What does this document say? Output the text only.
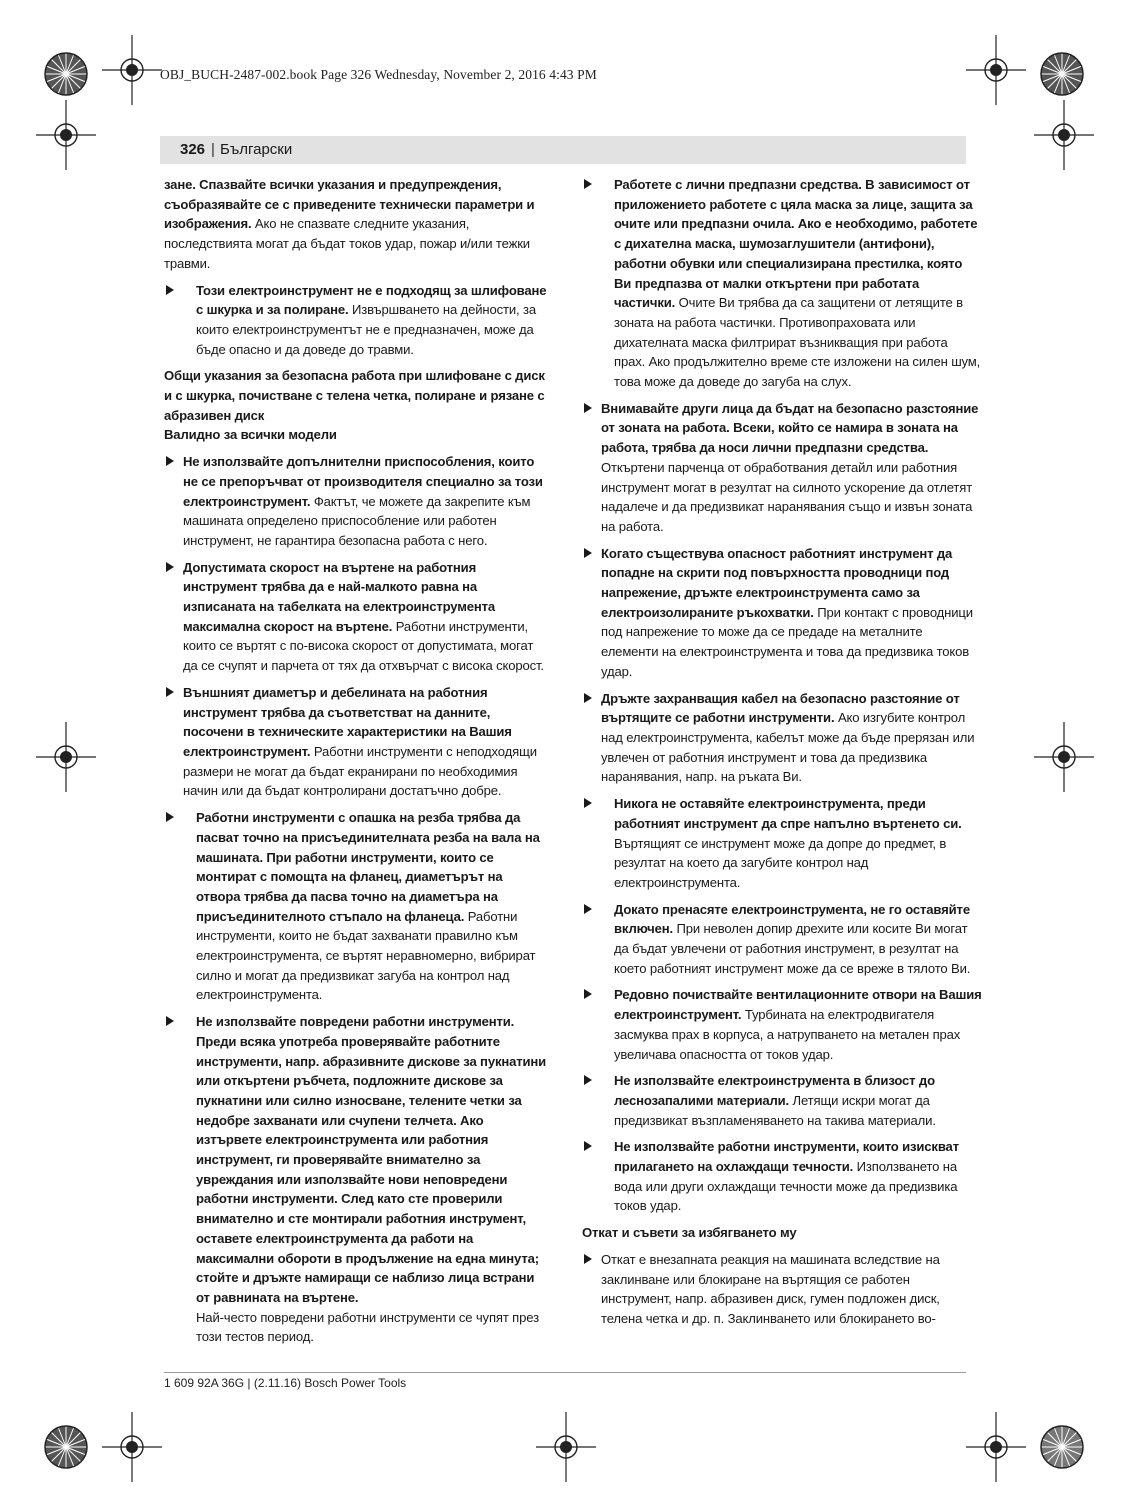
OBJ_BUCH-2487-002.book Page 326 Wednesday, November 2, 2016 4:43 PM
326 | Български

зане. Спазвайте всички указания и предупреждения, съобразявайте се с приведените технически параметри и изображения. Ако не спазвате следните указания, последствията могат да бъдат токов удар, пожар и/или тежки травми.

Този електроинструмент не е подходящ за шлифоване с шкурка и за полиране. Извършването на дейности, за които електроинструментът не е предназначен, може да бъде опасно и да доведе до травми.
Общи указания за безопасна работа при шлифоване с диск и с шкурка, почистване с телена четка, полиране и рязане с абразивен диск
Валидно за всички модели
Не използвайте допълнителни приспособления, които не се препоръчват от производителя специално за този електроинструмент. Фактът, че можете да закрепите към машината определено приспособление или работен инструмент, не гарантира безопасна работа с него.
Допустимата скорост на въртене на работния инструмент трябва да е най-малкото равна на изписаната на табелката на електроинструмента максимална скорост на въртене. Работни инструменти, които се въртят с по-висока скорост от допустимата, могат да се счупят и парчета от тях да отхвърчат с висока скорост.
Външният диаметър и дебелината на работния инструмент трябва да съответстват на данните, посочени в техническите характеристики на Вашия електроинструмент. Работни инструменти с неподходящи размери не могат да бъдат екранирани по необходимия начин или да бъдат контролирани достатъчно добре.
Работни инструменти с опашка на резба трябва да пасват точно на присъединителната резба на вала на машината. При работни инструменти, които се монтират с помощта на фланец, диаметърът на отвора трябва да пасва точно на диаметъра на присъединителното стъпало на фланеца. Работни инструменти, които не бъдат захванати правилно към електроинструмента, се въртят неравномерно, вибрират силно и могат да предизвикат загуба на контрол над електроинструмента.
Не използвайте повредени работни инструменти. Преди всяка употреба проверявайте работните инструменти, напр. абразивните дискове за пукнатини или откъртени ръбчета, подложните дискове за пукнатини или силно износване, телените четки за недобре захванати или счупени телчета. Ако изтървете електроинструмента или работния инструмент, ги проверявайте внимателно за увреждания или използвайте нови неповредени работни инструменти. След като сте проверили внимателно и сте монтирали работния инструмент, оставете електроинструмента да работи на максимални обороти в продължение на една минута; стойте и дръжте намиращи се наблизо лица встрани от равнината на въртене.

Най-често повредени работни инструменти се чупят през този тестов период.

Работете с лични предпазни средства. В зависимост от приложението работете с цяла маска за лице, защита за очите или предпазни очила. Ако е необходимо, работете с дихателна маска, шумозаглушители (антифони), работни обувки или специализирана престилка, която Ви предпазва от малки откъртени при работата частички. Очите Ви трябва да са защитени от летящите в зоната на работа частички. Противопраховата или дихателната маска филтрират възникващия при работа прах. Ако продължително време сте изложени на силен шум, това може да доведе до загуба на слух.
Внимавайте други лица да бъдат на безопасно разстояние от зоната на работа. Всеки, който се намира в зоната на работа, трябва да носи лични предпазни средства. Откъртени парченца от обработвания детайл или работния инструмент могат в резултат на силното ускорение да отлетят надалече и да предизвикат наранявания също и извън зоната на работа.
Когато съществува опасност работният инструмент да попадне на скрити под повърхността проводници под напрежение, дръжте електроинструмента само за електроизолираните ръкохватки. При контакт с проводници под напрежение то може да се предаде на металните елементи на електроинструмента и това да предизвика токов удар.
Дръжте захранващия кабел на безопасно разстояние от въртящите се работни инструменти. Ако изгубите контрол над електроинструмента, кабелът може да бъде прерязан или увлечен от работния инструмент и това да предизвика наранявания, напр. на ръката Ви.
Никога не оставяйте електроинструмента, преди работният инструмент да спре напълно въртенето си. Въртящият се инструмент може да допре до предмет, в резултат на което да загубите контрол над електроинструмента.
Докато пренасяте електроинструмента, не го оставяйте включен. При неволен допир дрехите или косите Ви могат да бъдат увлечени от работния инструмент, в резултат на което работният инструмент може да се вреже в тялото Ви.
Редовно почиствайте вентилационните отвори на Вашия електроинструмент. Турбината на електродвигателя засмуква прах в корпуса, а натрупването на метален прах увеличава опасността от токов удар.
Не използвайте електроинструмента в близост до леснозапалими материали. Летящи искри могат да предизвикат възпламеняването на такива материали.
Не използвайте работни инструменти, които изискват прилагането на охлаждащи течности. Използването на вода или други охлаждащи течности може да предизвика токов удар.
Откат и съвети за избягването му
Откат е внезапната реакция на машината вследствие на заклинване или блокиране на въртящия се работен инструмент, напр. абразивен диск, гумен подложен диск, телена четка и др. п. Заклинването или блокирането во-
1 609 92A 36G | (2.11.16) Bosch Power Tools
